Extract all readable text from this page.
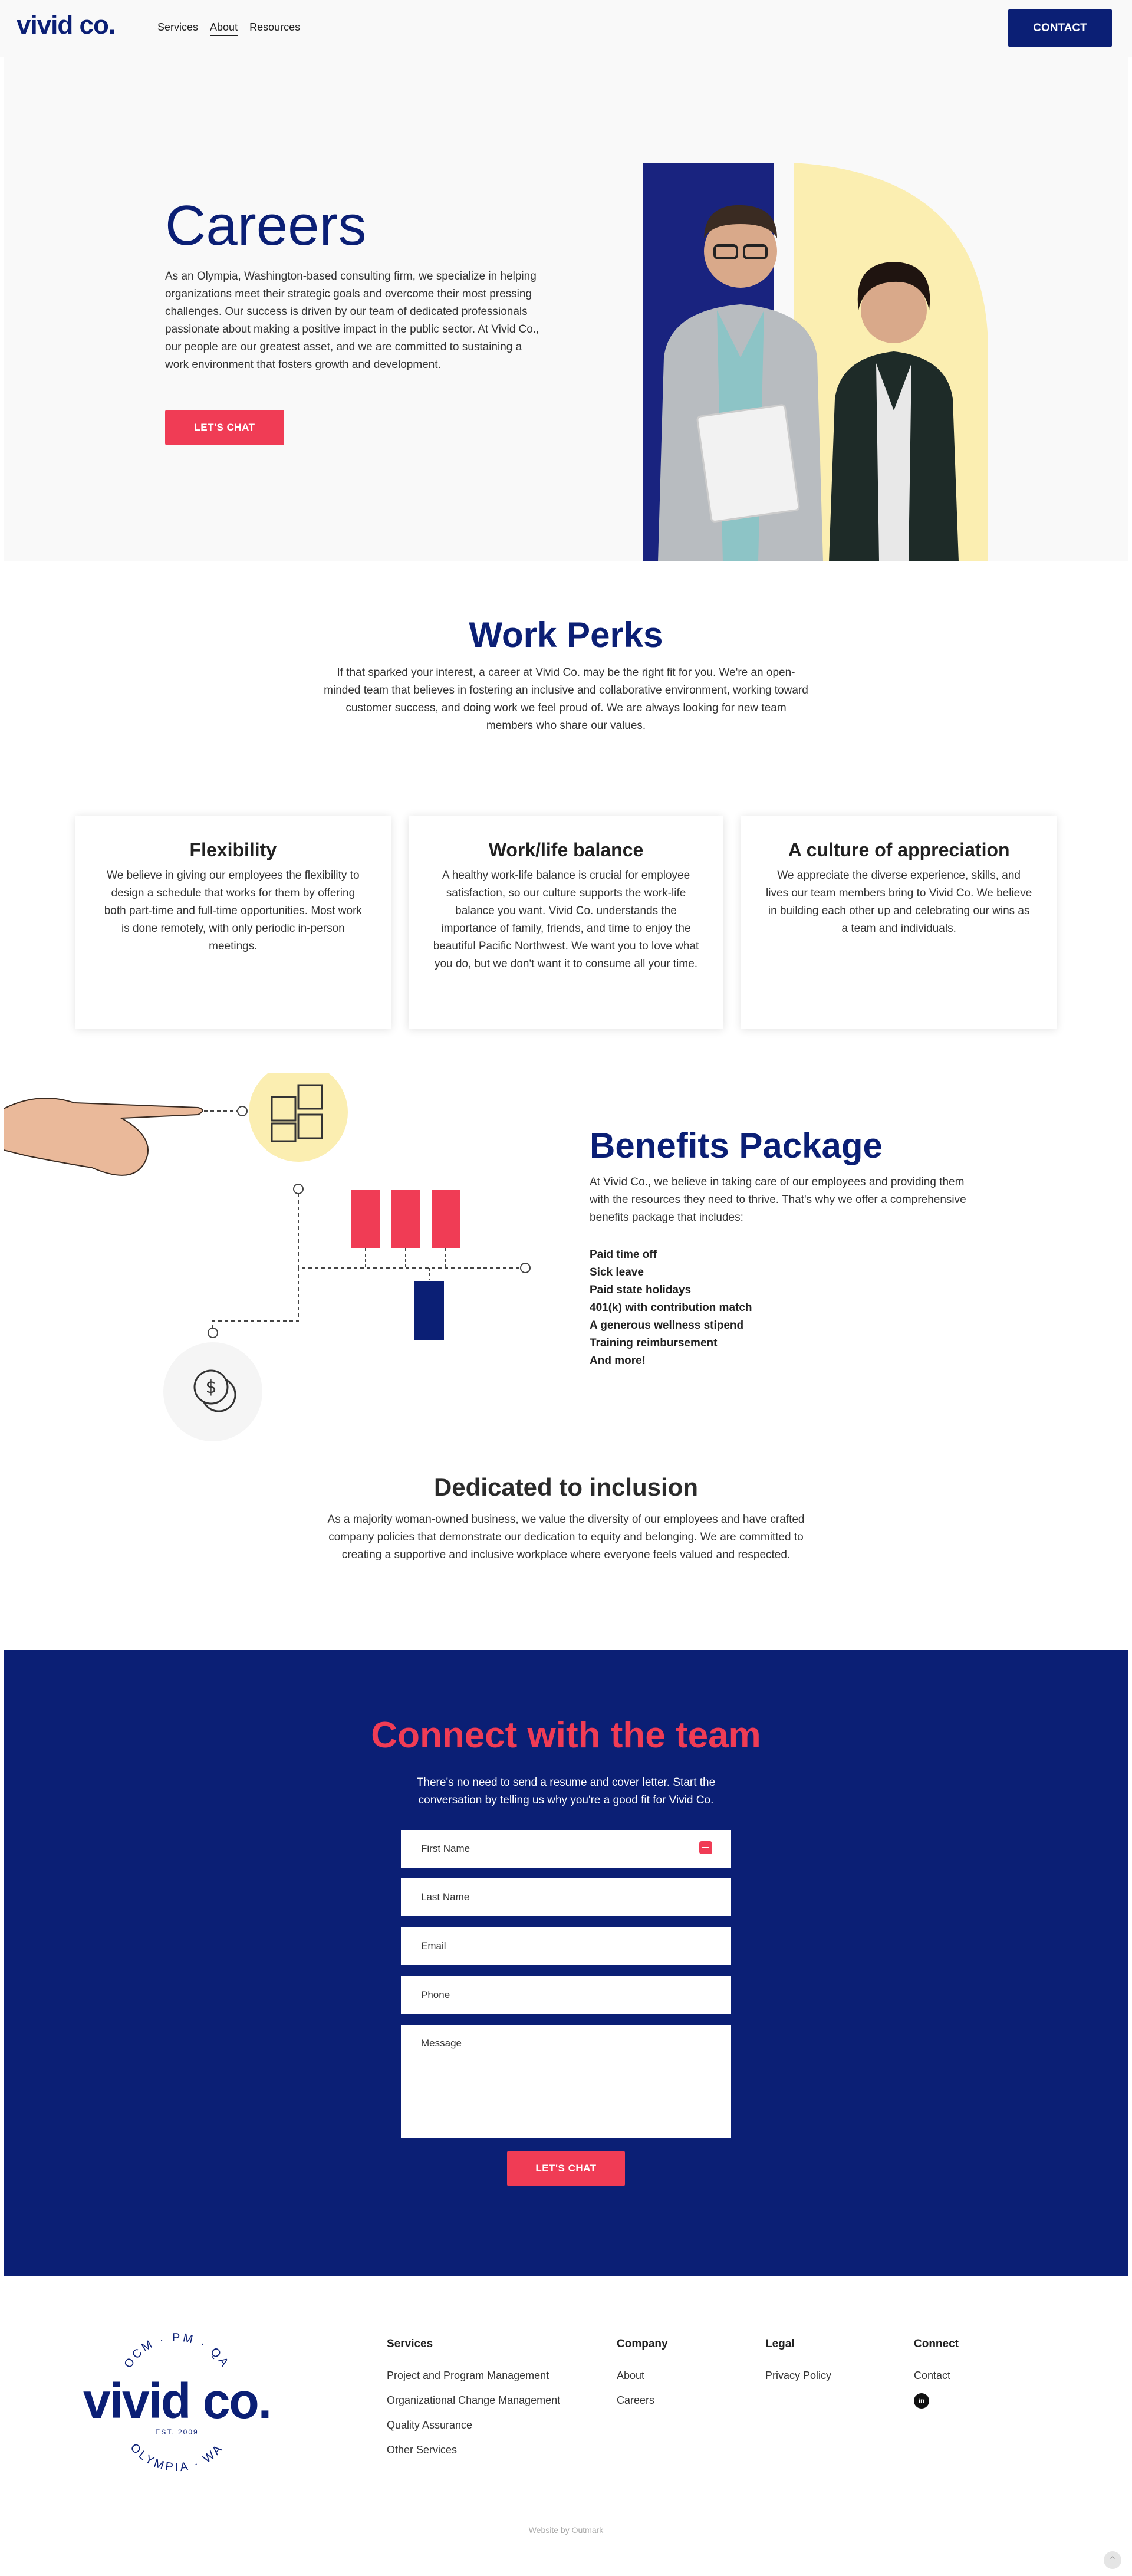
vivid co.	Services About Resources	CONTACT
Careers

As an Olympia, Washington-based consulting firm, we specialize in helping organizations meet their strategic goals and overcome their most pressing challenges. Our success is driven by our team of dedicated professionals passionate about making a positive impact in the public sector. At Vivid Co., our people are our greatest asset, and we are committed to sustaining a work environment that fosters growth and development.

LET'S CHAT
Work Perks

If that sparked your interest, a career at Vivid Co. may be the right fit for you. We're an open-minded team that believes in fostering an inclusive and collaborative environment, working toward customer success, and doing work we feel proud of. We are always looking for new team members who share our values.

Flexibility

We believe in giving our employees the flexibility to design a schedule that works for them by offering both part-time and full-time opportunities. Most work is done remotely, with only periodic in-person meetings.

Work/life balance

A healthy work-life balance is crucial for employee satisfaction, so our culture supports the work-life balance you want. Vivid Co. understands the importance of family, friends, and time to enjoy the beautiful Pacific Northwest. We want you to love what you do, but we don't want it to consume all your time.

A culture of appreciation

We appreciate the diverse experience, skills, and lives our team members bring to Vivid Co. We believe in building each other up and celebrating our wins as a team and individuals.

$
Benefits Package

At Vivid Co., we believe in taking care of our employees and providing them with the resources they need to thrive. That's why we offer a comprehensive benefits package that includes:

Paid time off
Sick leave
Paid state holidays
401(k) with contribution match
A generous wellness stipend
Training reimbursement
And more!
Dedicated to inclusion

As a majority woman-owned business, we value the diversity of our employees and have crafted company policies that demonstrate our dedication to equity and belonging. We are committed to creating a supportive and inclusive workplace where everyone feels valued and respected.

Connect with the team

There's no need to send a resume and cover letter. Start the conversation by telling us why you're a good fit for Vivid Co.

First Name
Last Name
Email
Phone
Message
LET'S CHAT
OCM · PM · QA
vivid co.
EST. 2009
OLYMPIA · WA
Services
Project and Program Management
Organizational Change Management
Quality Assurance
Other Services
Company
About
Careers
Legal
Privacy Policy
Connect
Contact
in
Website by Outmark
^
